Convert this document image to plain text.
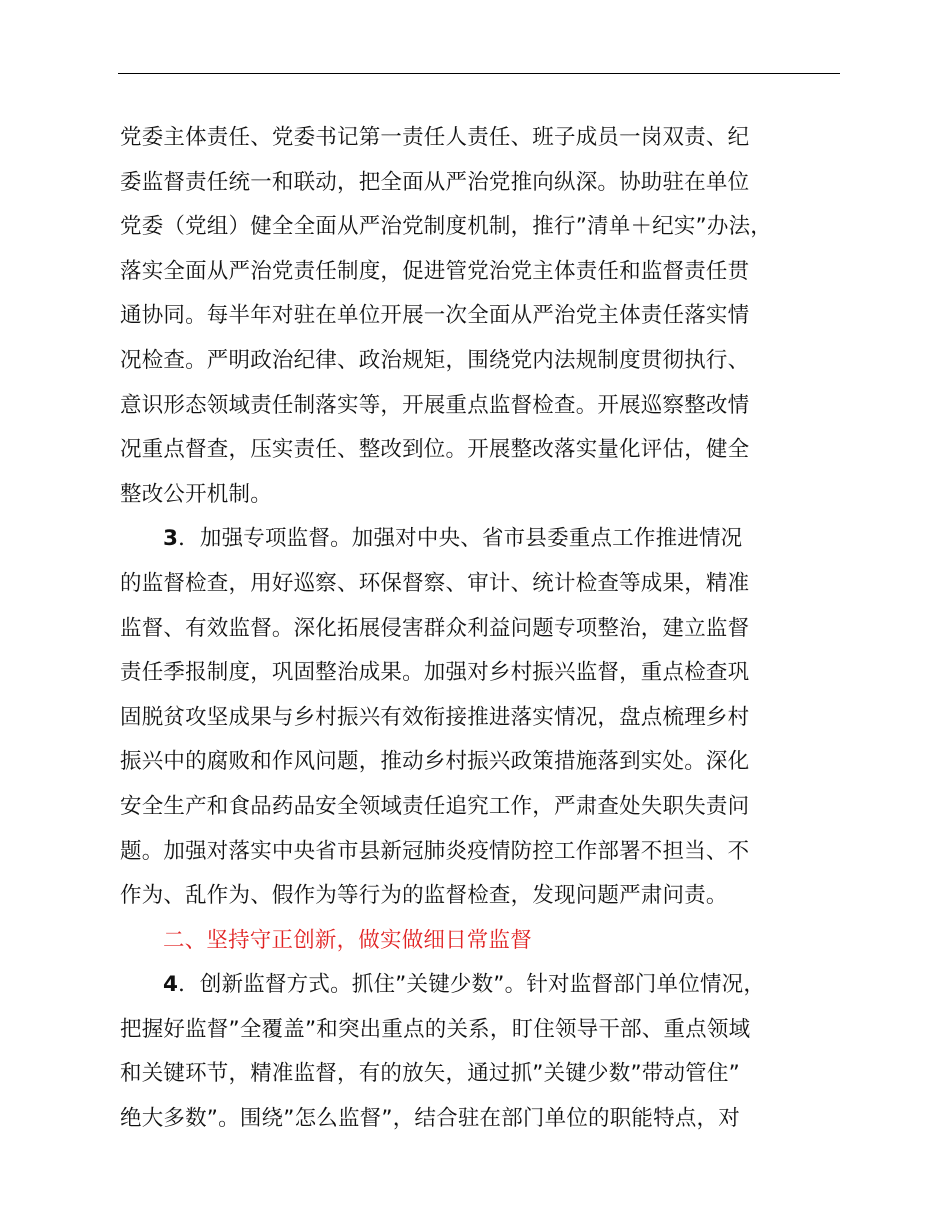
党委主体责任、党委书记第一责任人责任、班子成员一岗双责、纪
委监督责任统一和联动，把全面从严治党推向纵深。协助驻在单位
党委（党组）健全全面从严治党制度机制，推行”清单＋纪实”办法，
落实全面从严治党责任制度，促进管党治党主体责任和监督责任贯
通协同。每半年对驻在单位开展一次全面从严治党主体责任落实情
况检查。严明政治纪律、政治规矩，围绕党内法规制度贯彻执行、
意识形态领域责任制落实等，开展重点监督检查。开展巡察整改情
况重点督查，压实责任、整改到位。开展整改落实量化评估，健全
整改公开机制。
3．加强专项监督。加强对中央、省市县委重点工作推进情况
的监督检查，用好巡察、环保督察、审计、统计检查等成果，精准
监督、有效监督。深化拓展侵害群众利益问题专项整治，建立监督
责任季报制度，巩固整治成果。加强对乡村振兴监督，重点检查巩
固脱贫攻坚成果与乡村振兴有效衔接推进落实情况，盘点梳理乡村
振兴中的腐败和作风问题，推动乡村振兴政策措施落到实处。深化
安全生产和食品药品安全领域责任追究工作，严肃查处失职失责问
题。加强对落实中央省市县新冠肺炎疫情防控工作部署不担当、不
作为、乱作为、假作为等行为的监督检查，发现问题严肃问责。
二、坚持守正创新，做实做细日常监督
4．创新监督方式。抓住”关键少数”。针对监督部门单位情况，
把握好监督”全覆盖”和突出重点的关系，盯住领导干部、重点领域
和关键环节，精准监督，有的放矢，通过抓”关键少数”带动管住”
绝大多数”。围绕”怎么监督”，结合驻在部门单位的职能特点，对
